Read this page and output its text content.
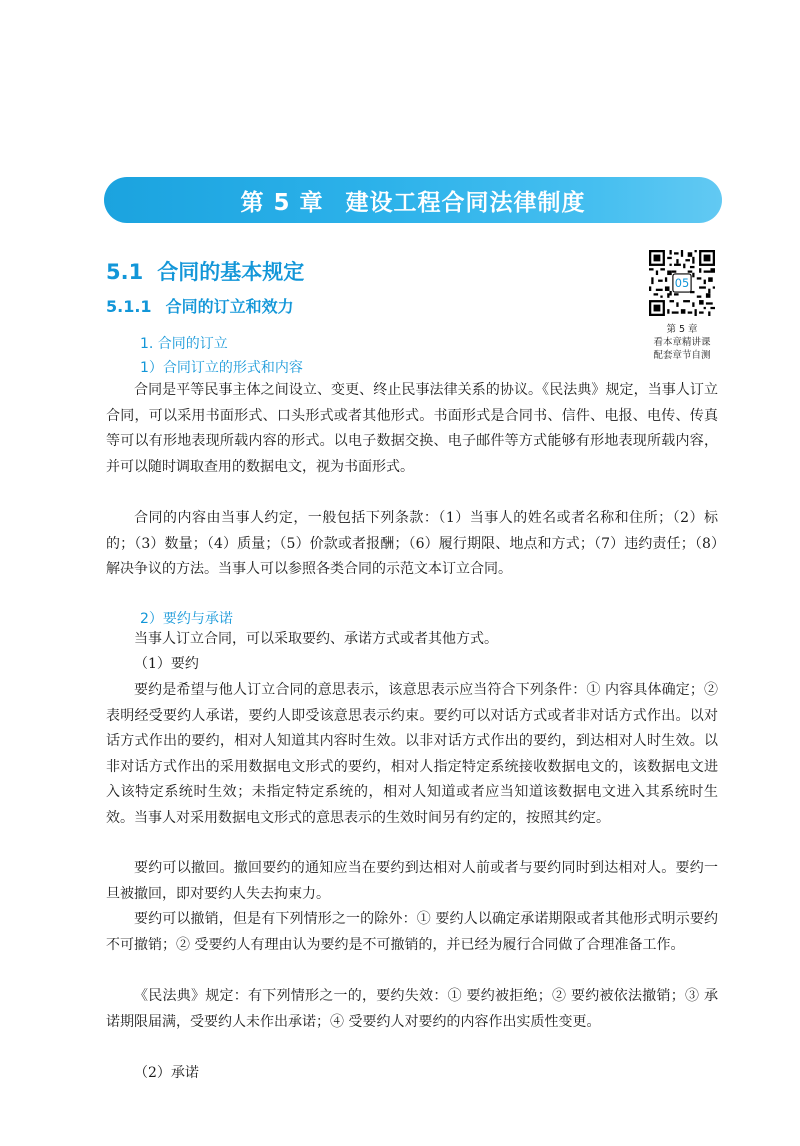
第 5 章 建设工程合同法律制度
5.1 合同的基本规定
5.1.1 合同的订立和效力
05
第 5 章
看本章精讲课
配套章节自测
1. 合同的订立
1）合同订立的形式和内容

合同是平等民事主体之间设立、变更、终止民事法律关系的协议。《民法典》规定，当事人订立合同，可以采用书面形式、口头形式或者其他形式。书面形式是合同书、信件、电报、电传、传真等可以有形地表现所载内容的形式。以电子数据交换、电子邮件等方式能够有形地表现所载内容，并可以随时调取查用的数据电文，视为书面形式。

合同的内容由当事人约定，一般包括下列条款：（1）当事人的姓名或者名称和住所；（2）标的；（3）数量；（4）质量；（5）价款或者报酬；（6）履行期限、地点和方式；（7）违约责任；（8）解决争议的方法。当事人可以参照各类合同的示范文本订立合同。

2）要约与承诺

当事人订立合同，可以采取要约、承诺方式或者其他方式。

（1）要约

要约是希望与他人订立合同的意思表示，该意思表示应当符合下列条件：① 内容具体确定；② 表明经受要约人承诺，要约人即受该意思表示约束。要约可以对话方式或者非对话方式作出。以对话方式作出的要约，相对人知道其内容时生效。以非对话方式作出的要约，到达相对人时生效。以非对话方式作出的采用数据电文形式的要约，相对人指定特定系统接收数据电文的，该数据电文进入该特定系统时生效；未指定特定系统的，相对人知道或者应当知道该数据电文进入其系统时生效。当事人对采用数据电文形式的意思表示的生效时间另有约定的，按照其约定。

要约可以撤回。撤回要约的通知应当在要约到达相对人前或者与要约同时到达相对人。要约一旦被撤回，即对要约人失去拘束力。

要约可以撤销，但是有下列情形之一的除外：① 要约人以确定承诺期限或者其他形式明示要约不可撤销；② 受要约人有理由认为要约是不可撤销的，并已经为履行合同做了合理准备工作。

《民法典》规定：有下列情形之一的，要约失效：① 要约被拒绝；② 要约被依法撤销；③ 承诺期限届满，受要约人未作出承诺；④ 受要约人对要约的内容作出实质性变更。

（2）承诺
